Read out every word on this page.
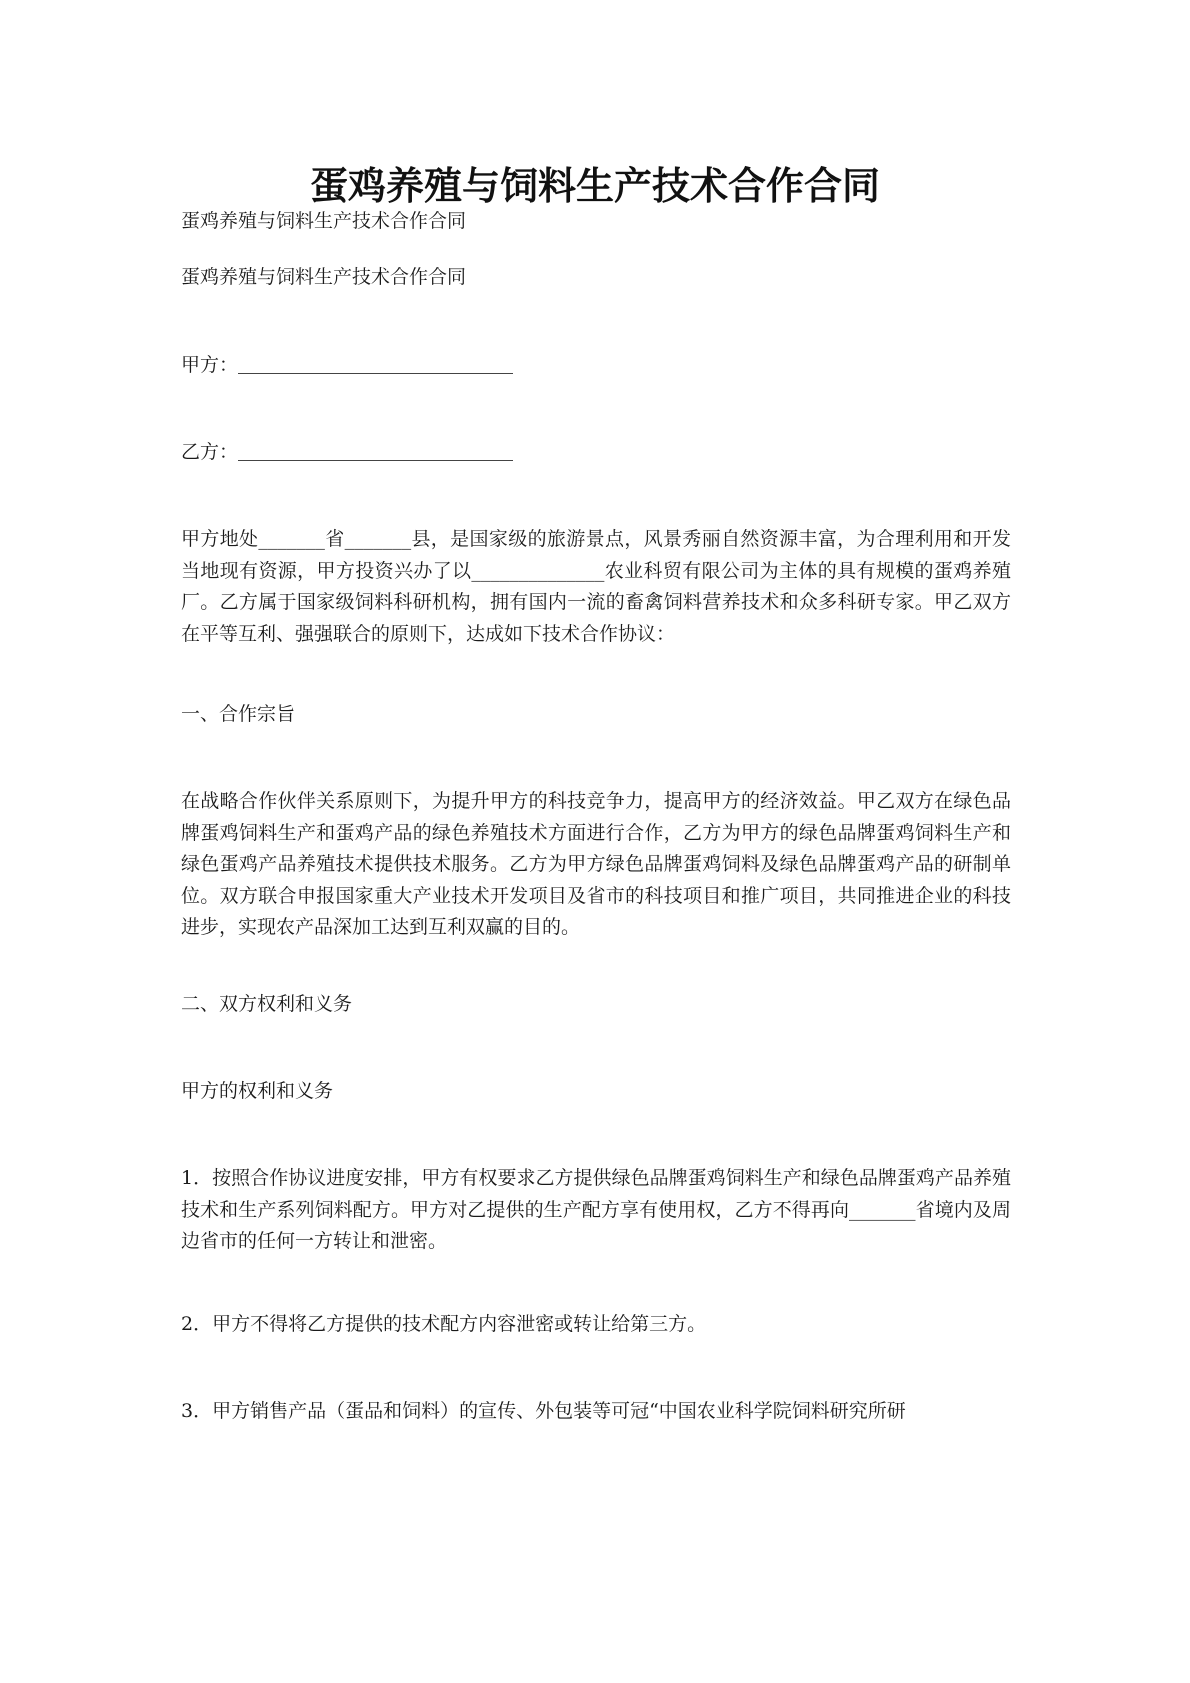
蛋鸡养殖与饲料生产技术合作合同

蛋鸡养殖与饲料生产技术合作合同

蛋鸡养殖与饲料生产技术合作合同

甲方：

乙方：

甲方地处_______省_______县，是国家级的旅游景点，风景秀丽自然资源丰富，为合理利用和开发当地现有资源，甲方投资兴办了以______________农业科贸有限公司为主体的具有规模的蛋鸡养殖厂。乙方属于国家级饲料科研机构，拥有国内一流的畜禽饲料营养技术和众多科研专家。甲乙双方在平等互利、强强联合的原则下，达成如下技术合作协议：

一、合作宗旨

在战略合作伙伴关系原则下，为提升甲方的科技竞争力，提高甲方的经济效益。甲乙双方在绿色品牌蛋鸡饲料生产和蛋鸡产品的绿色养殖技术方面进行合作，乙方为甲方的绿色品牌蛋鸡饲料生产和绿色蛋鸡产品养殖技术提供技术服务。乙方为甲方绿色品牌蛋鸡饲料及绿色品牌蛋鸡产品的研制单位。双方联合申报国家重大产业技术开发项目及省市的科技项目和推广项目，共同推进企业的科技进步，实现农产品深加工达到互利双赢的目的。

二、双方权利和义务

甲方的权利和义务

1．按照合作协议进度安排，甲方有权要求乙方提供绿色品牌蛋鸡饲料生产和绿色品牌蛋鸡产品养殖技术和生产系列饲料配方。甲方对乙提供的生产配方享有使用权，乙方不得再向_______省境内及周边省市的任何一方转让和泄密。

2．甲方不得将乙方提供的技术配方内容泄密或转让给第三方。

3．甲方销售产品（蛋品和饲料）的宣传、外包装等可冠“中国农业科学院饲料研究所研
